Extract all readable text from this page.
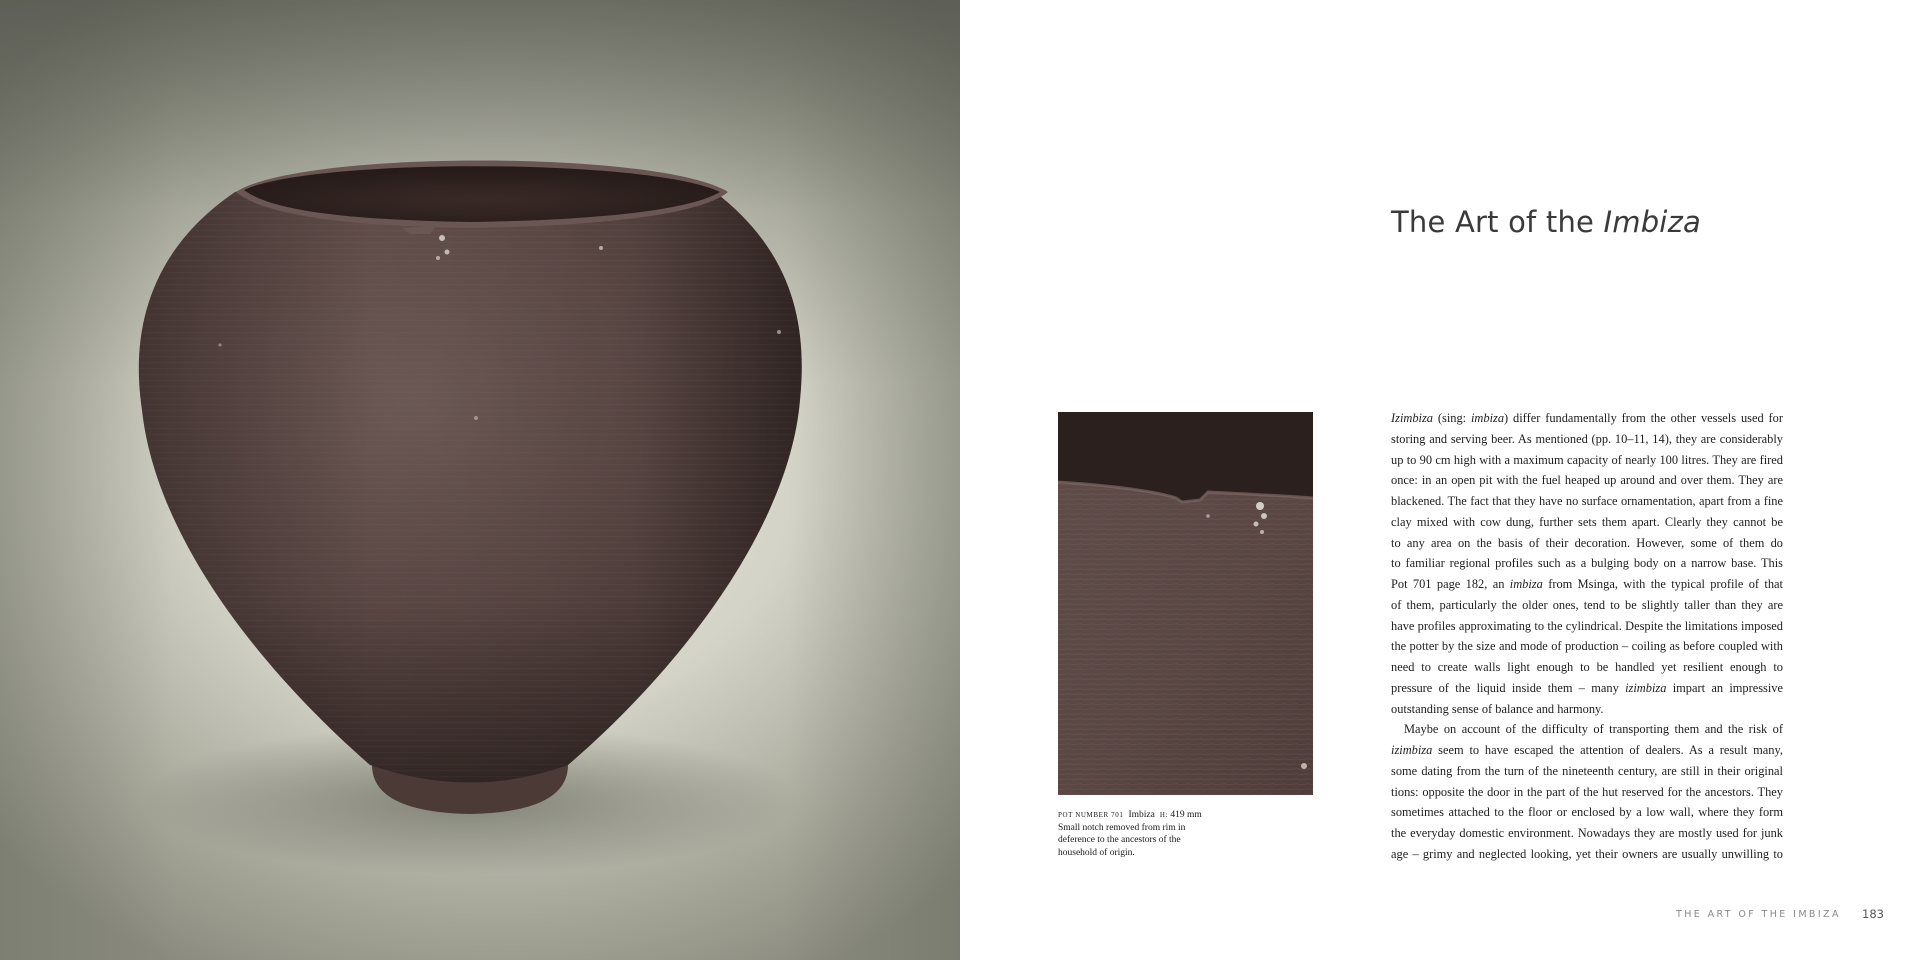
The Art of the Imbiza
POT NUMBER 701 Imbiza H: 419 mm
Small notch removed from rim in
deference to the ancestors of the
household of origin.
Izimbiza (sing: imbiza) differ fundamentally from the other vessels used for
storing and serving beer. As mentioned (pp. 10–11, 14), they are considerably
up to 90 cm high with a maximum capacity of nearly 100 litres. They are fired
once: in an open pit with the fuel heaped up around and over them. They are
blackened. The fact that they have no surface ornamentation, apart from a fine
clay mixed with cow dung, further sets them apart. Clearly they cannot be
to any area on the basis of their decoration. However, some of them do
to familiar regional profiles such as a bulging body on a narrow base. This
Pot 701 page 182, an imbiza from Msinga, with the typical profile of that
of them, particularly the older ones, tend to be slightly taller than they are
have profiles approximating to the cylindrical. Despite the limitations imposed
the potter by the size and mode of production – coiling as before coupled with
need to create walls light enough to be handled yet resilient enough to
pressure of the liquid inside them – many izimbiza impart an impressive
outstanding sense of balance and harmony.
Maybe on account of the difficulty of transporting them and the risk of
izimbiza seem to have escaped the attention of dealers. As a result many,
some dating from the turn of the nineteenth century, are still in their original
tions: opposite the door in the part of the hut reserved for the ancestors. They
sometimes attached to the floor or enclosed by a low wall, where they form
the everyday domestic environment. Nowadays they are mostly used for junk
age – grimy and neglected looking, yet their owners are usually unwilling to
THE ART OF THE IMBIZA 183
